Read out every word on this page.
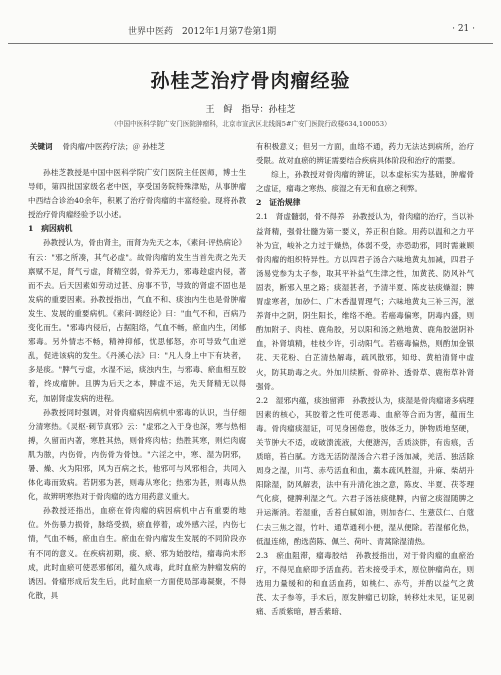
世界中医药　2012年1月第7卷第1期	· 21 ·
孙桂芝治疗骨肉瘤经验
王　鲟　指导：孙桂芝
（中国中医科学院广安门医院肿瘤科，北京市宣武区北线阁5#广安门医院行政楼634,100053）
关键词 骨肉瘤/中医药疗法；＠ 孙桂芝

孙桂芝教授是中国中医科学院广安门医院主任医师，博士生导师，第四批国家级名老中医，享受国务院特殊津贴，从事肿瘤中西结合诊治40余年，积累了治疗骨肉瘤的丰富经验。现将孙教授治疗骨肉瘤经验予以小述。

1　病因病机

孙教授认为，骨由肾主，而肾为先天之本，《素问·评热病论》有云："邪之所凑，其气必虚"。故骨肉瘤的发生当首先责之先天禀赋不足，肾气亏虚，肾精空弱，骨养无力，邪毒趁虚内侵，著而不去。后天因素如劳动过甚、房事不节，导致的肾虚不固也是发病的重要因素。孙教授指出，气血不和、痰浊内生也是骨肿瘤发生、发展的重要病机。《素问·调经论》曰："血气不和，百病乃变化而生。"邪毒内侵后，占据阻络，气血不畅，瘀血内生，闭郁邪毒。另外情志不畅，精神抑郁，忧思郁怒，亦可导致气血逆乱，促进该病的发生。《丹溪心法》曰："凡人身上中下有块者，多是痰。"脾气亏虚，水湿不运，痰浊内生，与邪毒、瘀血相互胶着，终成瘤肿。且脾为后天之本，脾虚不运，先天肾精无以得充，加剧肾虚发病的进程。

孙教授同时强调，对骨肉瘤病因病机中邪毒的认识，当仔细分清寒热。《灵枢·刺节真邪》云："虚邪之入于身也深，寒与热相搏，久留而内著，寒胜其热，则骨疼肉枯；热胜其寒，则烂肉腐肌为脓，内伤骨，内伤骨为骨蚀。"六淫之中，寒、湿为阴邪，暑、燥、火为阳邪，风为百病之长，他邪可与风邪相合，共同入体化毒而致病。若阴邪为甚，则毒从寒化；热邪为甚，则毒从热化，故辨明寒热对于骨肉瘤的选方用药意义重大。

孙教授还指出，血瘀在骨肉瘤的病因病机中占有重要的地位。外伤暴力损骨，脉络受损，瘀血停着，或外感六淫，内伤七情，气血不畅，瘀血自生。瘀血在骨内瘤发生发展的不同阶段亦有不同的意义。在疾病初期，痰、瘀、邪为始胶结，瘤毒尚未形成，此时血瘀可使恶邪郁闭，蕴久成毒，此时血瘀为肿瘤发病的诱因。骨瘤形成后发生后，此时血瘀一方面使局部毒凝聚，不得化散，具

有积极意义；但另一方面，血络不通，药力无法达到病所，治疗受限。故对血瘀的辨证需要结合疾病具体阶段和治疗的需要。

综上，孙教授对骨肉瘤的辨证，以本虚标实为基础，肿瘤骨之虚证，瘤毒之寒热、痰湿之有无和血瘀之利弊。

2　证治规律

2.1　肾虚髓弱，骨不得养　 孙教授认为，骨肉瘤的治疗，当以补益肾精，强骨壮髓为第一要义，养正积自除。用药以温和之力平补为宜，峻补之力过于燥热，体弱不受，亦恐助邪，同时需兼顾骨肉瘤的组织特异性。方以四君子汤合六味地黄丸加减，四君子汤易党参为太子参，取其平补益气生津之性，加黄芪、防风补气固表，断邪入里之路；痰湿甚者，予清半夏、陈皮祛痰燥湿；脾胃虚寒者，加砂仁、广木香温胃理气；六味地黄丸三补三泻，滋养肾中之阴，阴生阳长，维络不绝。若癌毒偏寒，阴毒内盛，则酌加附子、肉桂、鹿角胶，另以阳和汤之熟地黄、鹿角胶滋阴补血，补肾填精，桂枝少许，引动阳气。若癌毒偏热，则酌加金银花、天花粉、白芷清热解毒，疏风散邪，知母、黄柏清肾中虚火，防其助毒之火。外加川续断、骨碎补、透骨草、鹿衔草补肾强骨。

2.2　湿邪内蕴，痰浊留滞　 孙教授认为，痰湿是骨肉瘤诸多病理因素的核心，其胶着之性可使恶毒、血瘀等合而为害，蕴而生毒。骨肉瘤痰湿证，可见身困倦怠，肢体乏力，肿物质地坚硬，关节肿大不适，或破溃流液，大便溏泻，舌质淡胖，有齿痕，舌质暗，苔白腻。方选无活防湿汤合六君子汤加减，羌活、独活除周身之湿，川芎、赤芍活血和血，藁本疏风胜湿，升麻、柴胡升阳除湿，防风解表，法中有升清化浊之意，陈皮、半夏、茯苓理气化痰，健脾利湿之气。六君子汤祛痰健脾，内留之痰湿随脾之升运渐消。若湿重，舌苔白腻如油，则加杏仁、生薏苡仁、白蔻仁去三焦之湿，竹叶、通草通利小便，湿从便除。若湿郁化热，低温连绵，酌选茵陈、佩兰、荷叶、青蒿除湿清热。

2.3　瘀血阻滞，瘤毒胶结　 孙教授指出，对于骨肉瘤的血瘀治疗，不得见血瘀即予活血药。若未接受手术，原位肿瘤尚在，则选用力量缓和的和血活血药，如桃仁、赤芍，并酌以益气之黄芪、太子参等，手术后，原发肿瘤已切除，转移灶未见，证见刺痛、舌质紫暗，唇舌紫暗、
